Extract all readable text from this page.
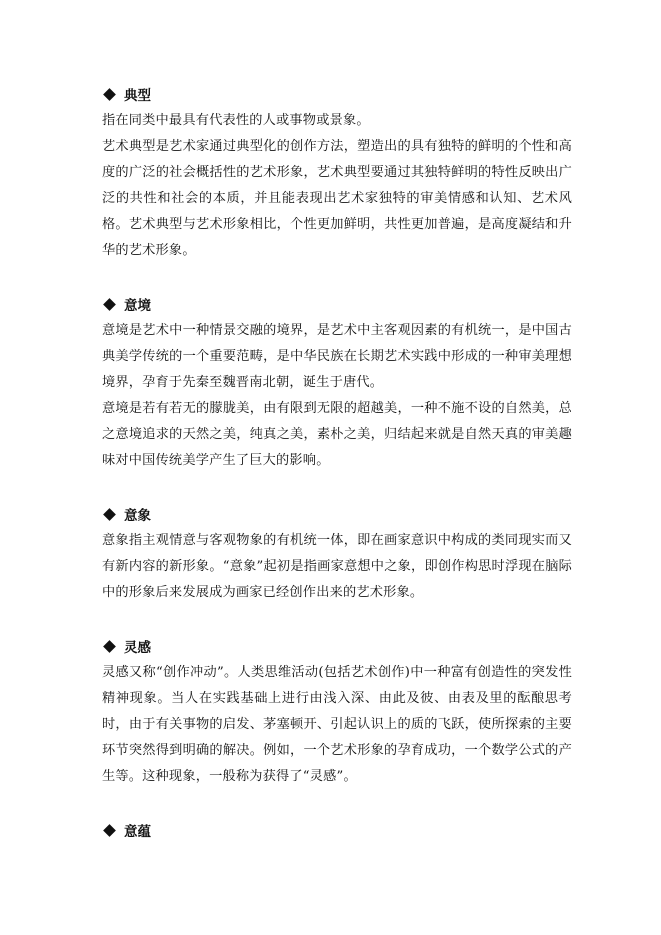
典型

指在同类中最具有代表性的人或事物或景象。

艺术典型是艺术家通过典型化的创作方法，塑造出的具有独特的鲜明的个性和高度的广泛的社会概括性的艺术形象，艺术典型要通过其独特鲜明的特性反映出广泛的共性和社会的本质，并且能表现出艺术家独特的审美情感和认知、艺术风格。艺术典型与艺术形象相比，个性更加鲜明，共性更加普遍，是高度凝结和升华的艺术形象。

意境

意境是艺术中一种情景交融的境界，是艺术中主客观因素的有机统一，是中国古典美学传统的一个重要范畴，是中华民族在长期艺术实践中形成的一种审美理想境界，孕育于先秦至魏晋南北朝，诞生于唐代。

意境是若有若无的朦胧美，由有限到无限的超越美，一种不施不设的自然美，总之意境追求的天然之美，纯真之美，素朴之美，归结起来就是自然天真的审美趣味对中国传统美学产生了巨大的影响。

意象

意象指主观情意与客观物象的有机统一体，即在画家意识中构成的类同现实而又有新内容的新形象。“意象”起初是指画家意想中之象，即创作构思时浮现在脑际中的形象后来发展成为画家已经创作出来的艺术形象。

灵感

灵感又称“创作冲动”。人类思维活动(包括艺术创作)中一种富有创造性的突发性精神现象。当人在实践基础上进行由浅入深、由此及彼、由表及里的酝酿思考时，由于有关事物的启发、茅塞顿开、引起认识上的质的飞跃，使所探索的主要环节突然得到明确的解决。例如，一个艺术形象的孕育成功，一个数学公式的产生等。这种现象，一般称为获得了“灵感”。

意蕴
